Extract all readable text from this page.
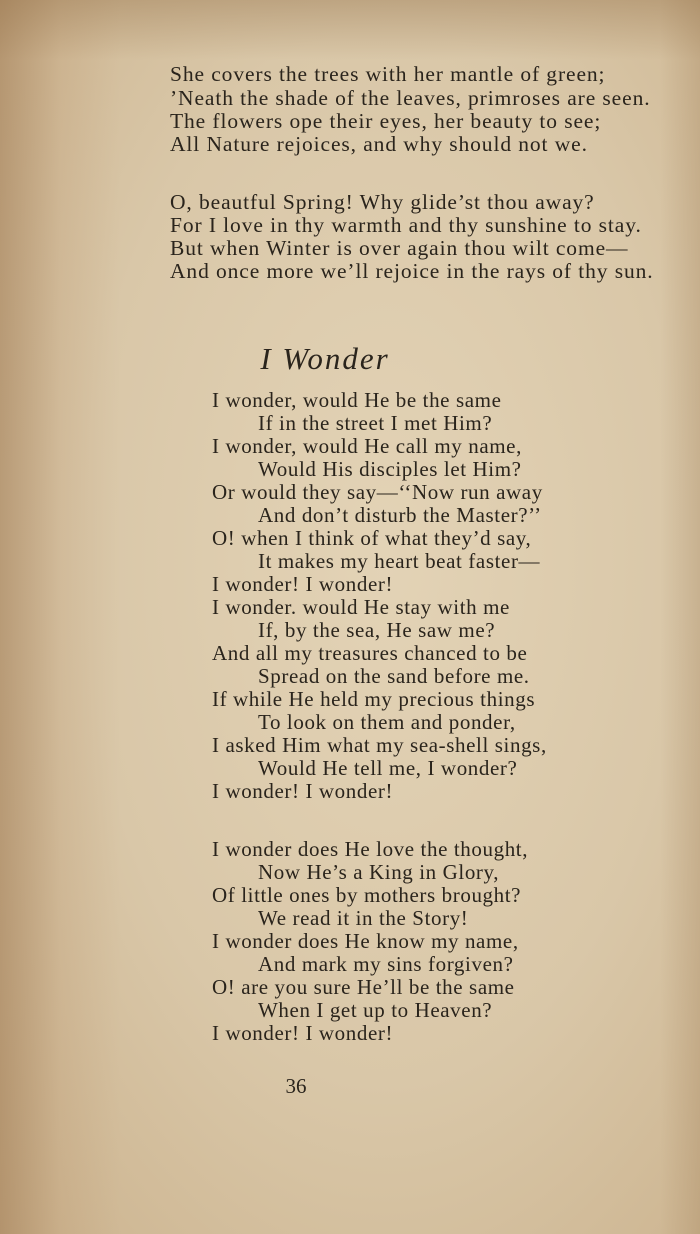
She covers the trees with her mantle of green;
’Neath the shade of the leaves, primroses are seen.
The flowers ope their eyes, her beauty to see;
All Nature rejoices, and why should not we.
O, beautful Spring! Why glide’st thou away?
For I love in thy warmth and thy sunshine to stay.
But when Winter is over again thou wilt come—
And once more we’ll rejoice in the rays of thy sun.
I Wonder
I wonder, would He be the same
If in the street I met Him?
I wonder, would He call my name,
Would His disciples let Him?
Or would they say—‘‘Now run away
And don’t disturb the Master?’’
O! when I think of what they’d say,
It makes my heart beat faster—
I wonder! I wonder!
I wonder. would He stay with me
If, by the sea, He saw me?
And all my treasures chanced to be
Spread on the sand before me.
If while He held my precious things
To look on them and ponder,
I asked Him what my sea-shell sings,
Would He tell me, I wonder?
I wonder! I wonder!
I wonder does He love the thought,
Now He’s a King in Glory,
Of little ones by mothers brought?
We read it in the Story!
I wonder does He know my name,
And mark my sins forgiven?
O! are you sure He’ll be the same
When I get up to Heaven?
I wonder! I wonder!
36
